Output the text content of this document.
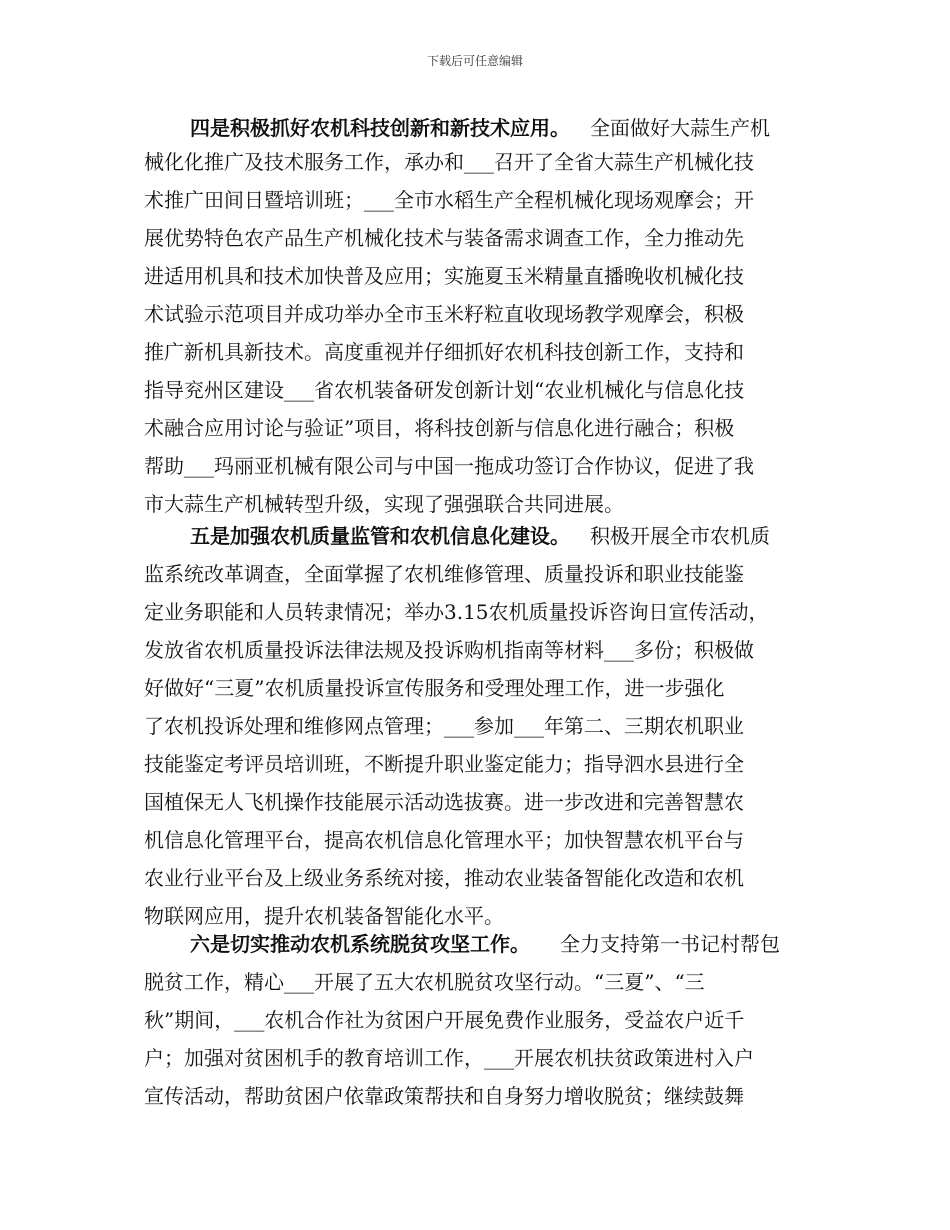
下载后可任意编辑
四是积极抓好农机科技创新和新技术应用。 全面做好大蒜生产机
械化化推广及技术服务工作，承办和___召开了全省大蒜生产机械化技
术推广田间日暨培训班；___全市水稻生产全程机械化现场观摩会；开
展优势特色农产品生产机械化技术与装备需求调查工作，全力推动先
进适用机具和技术加快普及应用；实施夏玉米精量直播晚收机械化技
术试验示范项目并成功举办全市玉米籽粒直收现场教学观摩会，积极
推广新机具新技术。高度重视并仔细抓好农机科技创新工作，支持和
指导兖州区建设___省农机装备研发创新计划“农业机械化与信息化技
术融合应用讨论与验证”项目，将科技创新与信息化进行融合；积极
帮助___玛丽亚机械有限公司与中国一拖成功签订合作协议，促进了我
市大蒜生产机械转型升级，实现了强强联合共同进展。
五是加强农机质量监管和农机信息化建设。 积极开展全市农机质
监系统改革调查，全面掌握了农机维修管理、质量投诉和职业技能鉴
定业务职能和人员转隶情况；举办3.15农机质量投诉咨询日宣传活动，
发放省农机质量投诉法律法规及投诉购机指南等材料___多份；积极做
好做好“三夏”农机质量投诉宣传服务和受理处理工作，进一步强化
了农机投诉处理和维修网点管理；___参加___年第二、三期农机职业
技能鉴定考评员培训班，不断提升职业鉴定能力；指导泗水县进行全
国植保无人飞机操作技能展示活动选拔赛。进一步改进和完善智慧农
机信息化管理平台，提高农机信息化管理水平；加快智慧农机平台与
农业行业平台及上级业务系统对接，推动农业装备智能化改造和农机
物联网应用，提升农机装备智能化水平。
六是切实推动农机系统脱贫攻坚工作。 全力支持第一书记村帮包
脱贫工作，精心___开展了五大农机脱贫攻坚行动。“三夏”、“三
秋”期间，___农机合作社为贫困户开展免费作业服务，受益农户近千
户；加强对贫困机手的教育培训工作，___开展农机扶贫政策进村入户
宣传活动，帮助贫困户依靠政策帮扶和自身努力增收脱贫；继续鼓舞
